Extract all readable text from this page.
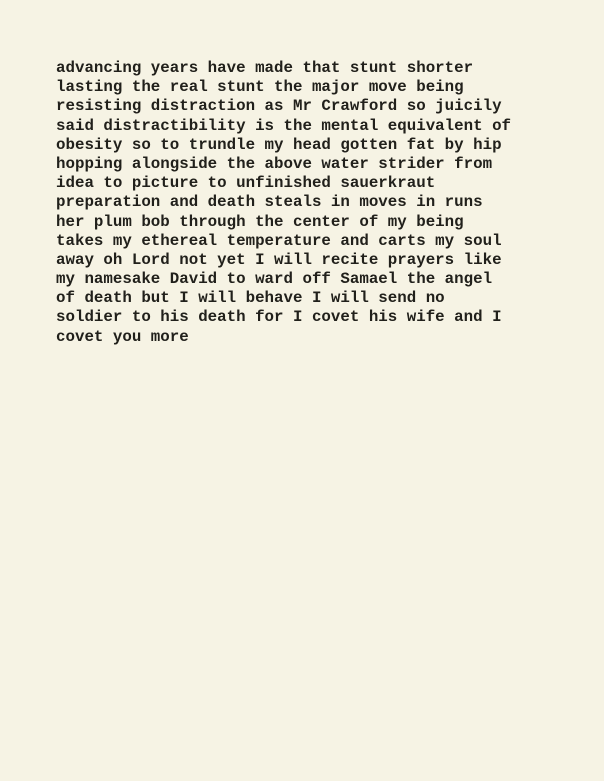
advancing years have made that stunt shorter
lasting the real stunt the major move being
resisting distraction as Mr Crawford so juicily
said distractibility is the mental equivalent of
obesity so to trundle my head gotten fat by hip
hopping alongside the above water strider from
idea to picture to unfinished sauerkraut
preparation and death steals in moves in runs
her plum bob through the center of my being
takes my ethereal temperature and carts my soul
away oh Lord not yet I will recite prayers like
my namesake David to ward off Samael the angel
of death but I will behave I will send no
soldier to his death for I covet his wife and I
covet you more
